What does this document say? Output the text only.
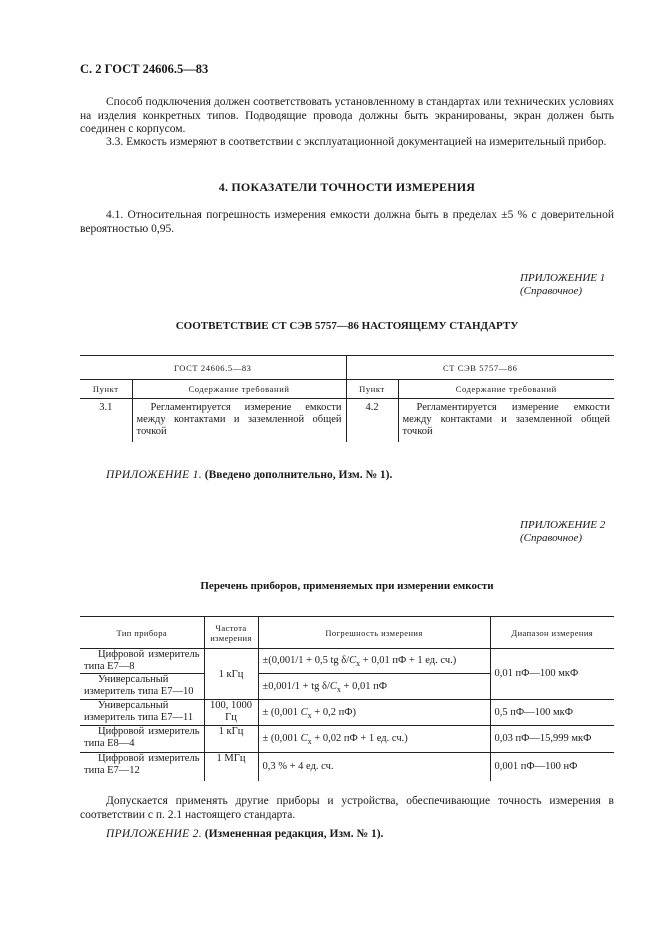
С. 2 ГОСТ 24606.5—83
Способ подключения должен соответствовать установленному в стандартах или технических условиях на изделия конкретных типов. Подводящие провода должны быть экранированы, экран должен быть соединен с корпусом.
3.3. Емкость измеряют в соответствии с эксплуатационной документацией на измерительный прибор.
4. ПОКАЗАТЕЛИ ТОЧНОСТИ ИЗМЕРЕНИЯ
4.1. Относительная погрешность измерения емкости должна быть в пределах ±5 % с доверительной вероятностью 0,95.
ПРИЛОЖЕНИЕ 1
(Справочное)
СООТВЕТСТВИЕ СТ СЭВ 5757—86 НАСТОЯЩЕМУ СТАНДАРТУ
ГОСТ 24606.5—83		СТ СЭВ 5757—86	
Пункт	Содержание требований	Пункт	Содержание требований
3.1	Регламентируется измерение емкости между контактами и заземленной общей точкой	4.2	Регламентируется измерение емкости между контактами и заземленной общей точкой
ПРИЛОЖЕНИЕ 1. (Введено дополнительно, Изм. № 1).
ПРИЛОЖЕНИЕ 2
(Справочное)
Перечень приборов, применяемых при измерении емкости
Тип прибора	Частота измерения	Погрешность измерения	Диапазон измерения
Цифровой измеритель типа Е7—8	1 кГц	±(0,001/1 + 0,5 tg $\delta/C_x + 0,01$ пФ + 1 ед. сч.)	0,01 пФ—100 мкФ
Универсальный измеритель типа Е7—10		±0,001/1 + tg $\delta/C_x + 0,01$ пФ	
Универсальный измеритель типа Е7—11	100, 1000 Гц	± (0,001 $C_x + 0,2$ пФ)	0,5 пФ—100 мкФ
Цифровой измеритель типа Е8—4	1 кГц	± (0,001 $C_x + 0,02$ пФ + 1 ед. сч.)	0,03 пФ—15,999 мкФ
Цифровой измеритель типа Е7—12	1 МГц	0,3 % + 4 ед. сч.	0,001 пФ—100 нФ
Допускается применять другие приборы и устройства, обеспечивающие точность измерения в соответствии с п. 2.1 настоящего стандарта.
ПРИЛОЖЕНИЕ 2. (Измененная редакция, Изм. № 1).
